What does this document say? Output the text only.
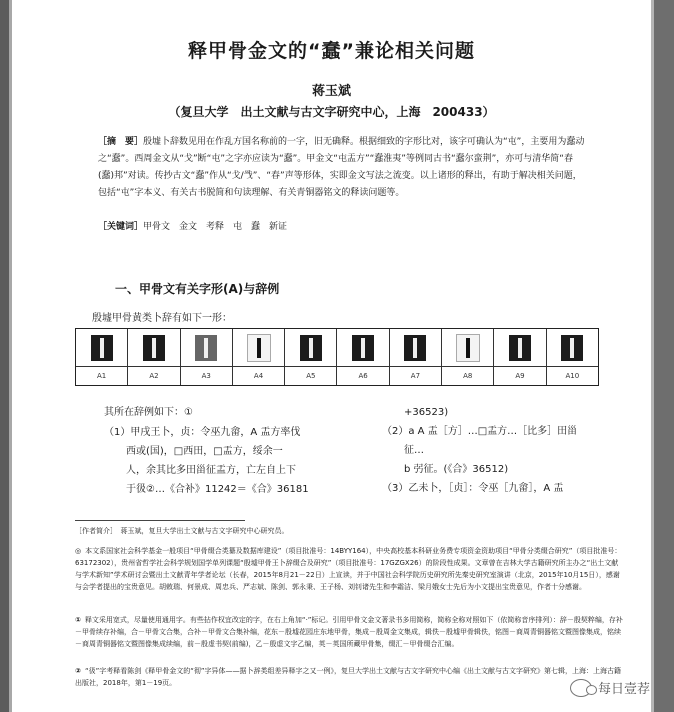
释甲骨金文的“蠢”兼论相关问题
蒋玉斌
（复旦大学　出土文献与古文字研究中心，上海　200433）
［摘　要］殷墟卜辞数见用在作乱方国名称前的一字，旧无确释。根据细致的字形比对，该字可确认为“屯”，主要用为蠢动之“蠢”。西周金文从“戈”断“屯”之字亦应读为“蠢”。甲金文“屯盂方”“蠢淮夷”等例同古书“蠢尔蛮荆”，亦可与清华简“春(蠢)邦”对读。传抄古文“蠢”作从“戈/㦰”、“春”声等形体，实即金文写法之流变。以上诸形的释出，有助于解决相关问题，包括“屯”字本义、有关古书脱简和句读理解、有关青铜器铭文的释读问题等。
［关键词］甲骨文　金文　考释　屯　蠢　新证
一、甲骨文有关字形(A)与辞例
殷墟甲骨黄类卜辞有如下一形：
A1	A2	A3	A4	A5	A6	A7	A8	A9	A10
其所在辞例如下：①
（1）甲戌王卜，贞：令巫九畲，A 盂方率伐
西或(国)，□西田，□盂方，绥余一
人，余其比多田甾征盂方，亡左自上下
于彶②…《合补》11242＝《合》36181
+36523)
（2）a A 盂［方］…□盂方…［比多］田甾
征…
b 弜征。(《合》36512)
（3）乙未卜，［贞］：令巫［九畲］，A 盂
［作者简介］　蒋玉斌，复旦大学出土文献与古文字研究中心研究员。
◎ 本文系国家社会科学基金一般项目“甲骨缀合类纂及数据库建设”（项目批准号：14BYY164），中央高校基本科研业务费专项资金资助项目“甲骨分类缀合研究”（项目批准号：63172302），贵州省哲学社会科学规划国学单列课题“殷墟甲骨王卜辞缀合及研究”（项目批准号：17GZGX26）的阶段性成果。文章曾在吉林大学古籍研究所主办之“出土文献与学术新知”学术研讨会暨出土文献青年学者论坛（长春，2015年8月21－22日）上宣读，并于中国社会科学院历史研究所先秦史研究室演讲（北京，2015年10月15日），感谢与会学者提出的宝贵意见。胡敕瑞、何景成、周忠兵、严志斌、陈剑、郭永秉、王子杨、刘钊诸先生和李霜洁、梁月娥女士先后为小文提出宝贵意见，作者十分感谢。
① 释文采用宽式，尽量使用通用字。有些拈作权宜改定的字，在右上角加“·”标记。引用甲骨文金文著录书多用简称，简称全称对照如下（依简称音序排列）：辞－殷契粹编，存补－甲骨续存补编，合－甲骨文合集，合补－甲骨文合集补编，花东－殷墟花园庄东地甲骨，集成－殷周金文集成，辑佚－殷墟甲骨辑佚，铭图－商周青铜器铭文暨图像集成，铭续－商周青铜器铭文暨图像集成续编，前－殷虚书契(前编)，乙－殷虚文字乙编，英－英国所藏甲骨集，缀汇－甲骨缀合汇编。
② “彶”字考释看陈剑《释甲骨金文的“彻”字异体——据卜辞类组差异释字之又一例》，复旦大学出土文献与古文字研究中心编《出土文献与古文字研究》第七辑，上海：上海古籍出版社，2018年，第1－19页。	每日壹荐
